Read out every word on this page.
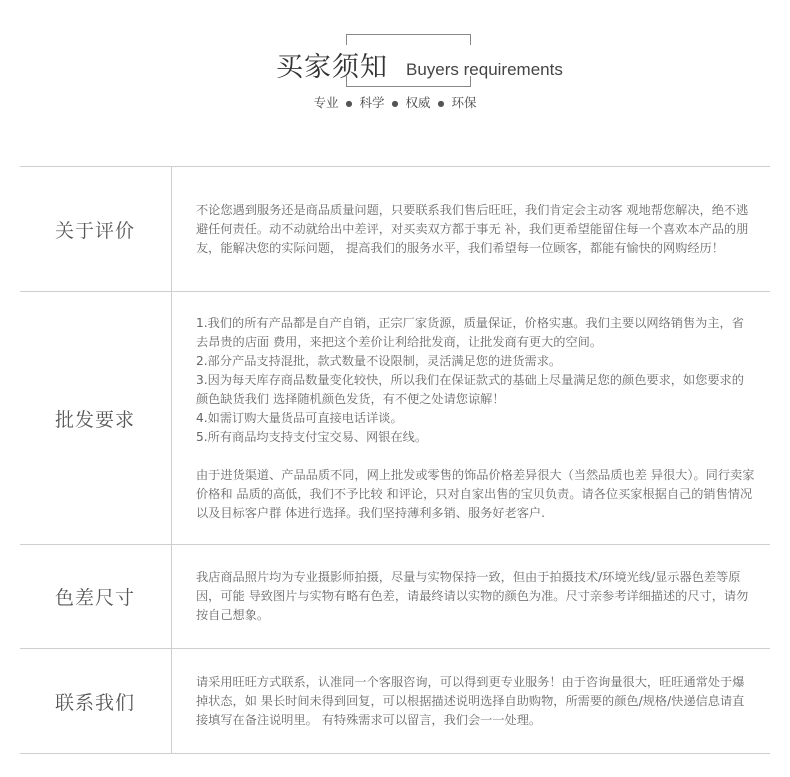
买家须知 Buyers requirements
专业 ● 科学 ● 权威 ● 环保
关于评价

不论您遇到服务还是商品质量问题，只要联系我们售后旺旺，我们肯定会主动客 观地帮您解决，绝不逃避任何责任。动不动就给出中差评，对买卖双方都于事无 补，我们更希望能留住每一个喜欢本产品的朋友，能解决您的实际问题， 提高我们的服务水平，我们希望每一位顾客，都能有愉快的网购经历！

批发要求

1.我们的所有产品都是自产自销，正宗厂家货源，质量保证，价格实惠。我们主要以网络销售为主，省去昂贵的店面 费用，来把这个差价让利给批发商，让批发商有更大的空间。

2.部分产品支持混批，款式数量不设限制，灵活满足您的进货需求。

3.因为每天库存商品数量变化较快，所以我们在保证款式的基础上尽量满足您的颜色要求，如您要求的颜色缺货我们 选择随机颜色发货，有不便之处请您谅解！

4.如需订购大量货品可直接电话详谈。

5.所有商品均支持支付宝交易、网银在线。

由于进货渠道、产品品质不同，网上批发或零售的饰品价格差异很大（当然品质也差 异很大）。同行卖家价格和 品质的高低，我们不予比较 和评论，只对自家出售的宝贝负责。请各位买家根据自己的销售情况以及目标客户群 体进行选择。我们坚持薄利多销、服务好老客户.

色差尺寸

我店商品照片均为专业摄影师拍摄，尽量与实物保持一致，但由于拍摄技术/环境光线/显示器色差等原因，可能 导致图片与实物有略有色差，请最终请以实物的颜色为准。尺寸亲参考详细描述的尺寸，请勿按自己想象。

联系我们

请采用旺旺方式联系，认准同一个客服咨询，可以得到更专业服务！由于咨询量很大，旺旺通常处于爆掉状态，如 果长时间未得到回复，可以根据描述说明选择自助购物，所需要的颜色/规格/快递信息请直接填写在备注说明里。 有特殊需求可以留言，我们会一一处理。
